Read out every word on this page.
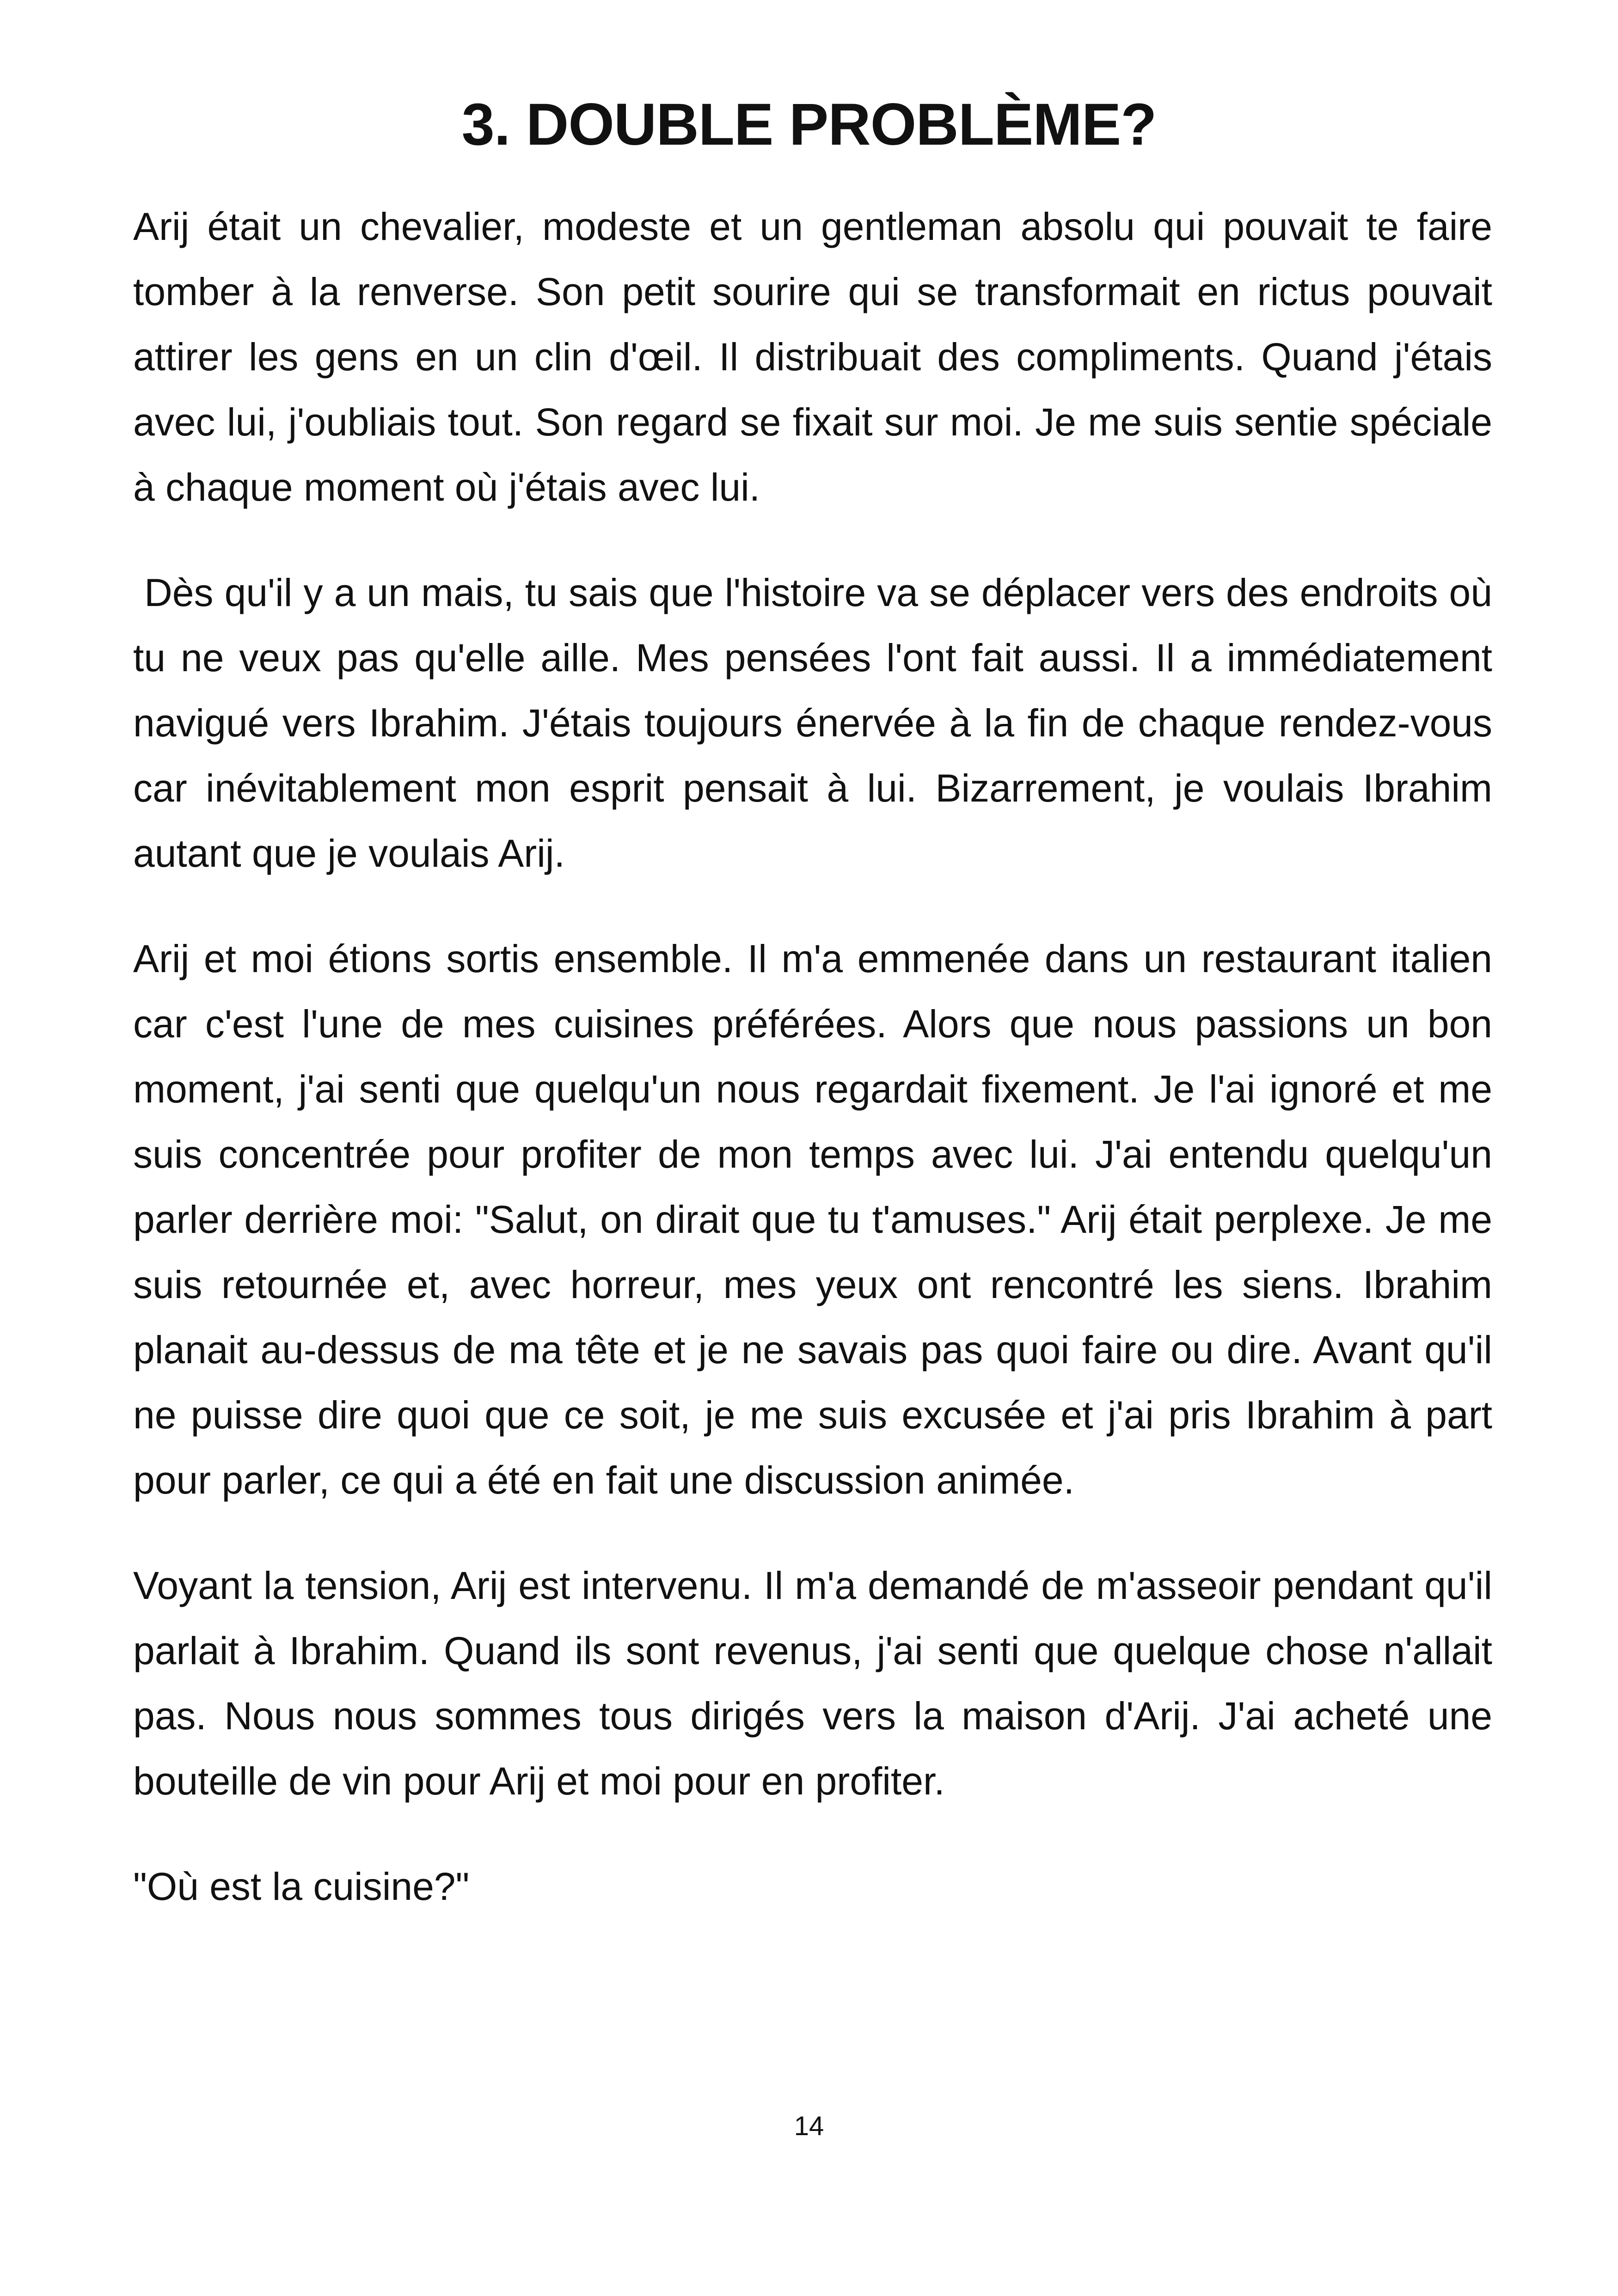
3. DOUBLE PROBLÈME?

Arij était un chevalier, modeste et un gentleman absolu qui pouvait te faire tomber à la renverse. Son petit sourire qui se transformait en rictus pouvait attirer les gens en un clin d'œil. Il distribuait des compliments. Quand j'étais avec lui, j'oubliais tout. Son regard se fixait sur moi. Je me suis sentie spéciale à chaque moment où j'étais avec lui.

Dès qu'il y a un mais, tu sais que l'histoire va se déplacer vers des endroits où tu ne veux pas qu'elle aille. Mes pensées l'ont fait aussi. Il a immédiatement navigué vers Ibrahim. J'étais toujours énervée à la fin de chaque rendez-vous car inévitablement mon esprit pensait à lui. Bizarrement, je voulais Ibrahim autant que je voulais Arij.

Arij et moi étions sortis ensemble. Il m'a emmenée dans un restaurant italien car c'est l'une de mes cuisines préférées. Alors que nous passions un bon moment, j'ai senti que quelqu'un nous regardait fixement. Je l'ai ignoré et me suis concentrée pour profiter de mon temps avec lui. J'ai entendu quelqu'un parler derrière moi: "Salut, on dirait que tu t'amuses." Arij était perplexe. Je me suis retournée et, avec horreur, mes yeux ont rencontré les siens. Ibrahim planait au-dessus de ma tête et je ne savais pas quoi faire ou dire. Avant qu'il ne puisse dire quoi que ce soit, je me suis excusée et j'ai pris Ibrahim à part pour parler, ce qui a été en fait une discussion animée.

Voyant la tension, Arij est intervenu. Il m'a demandé de m'asseoir pendant qu'il parlait à Ibrahim. Quand ils sont revenus, j'ai senti que quelque chose n'allait pas. Nous nous sommes tous dirigés vers la maison d'Arij. J'ai acheté une bouteille de vin pour Arij et moi pour en profiter.

"Où est la cuisine?"

14
